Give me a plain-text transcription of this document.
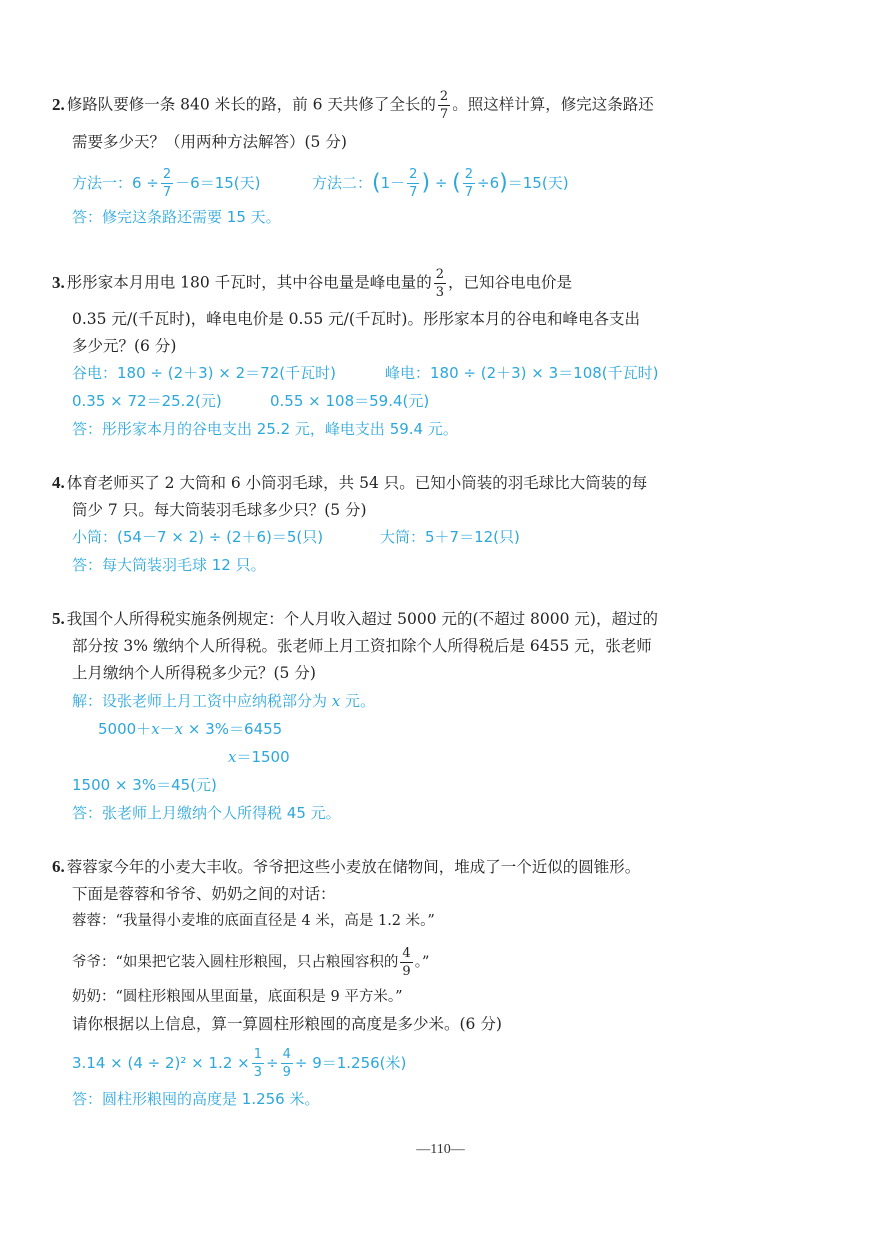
2. 修路队要修一条 840 米长的路，前 6 天共修了全长的 $\frac{2}{7}$ 。照这样计算，修完这条路还
需要多少天？（用两种方法解答）(5 分)
方法一：$6 \div \frac{2}{7} -6=15$(天)	方法二：($1- \frac{2}{7}$ ) ÷ ( $\frac{2}{7} \div 6)=15$(天)
答：修完这条路还需要 15 天。
3. 彤彤家本月用电 180 千瓦时，其中谷电量是峰电量的 $\frac{2}{3}$ ，已知谷电电价是
0.35 元/(千瓦时)，峰电电价是 0.55 元/(千瓦时)。彤彤家本月的谷电和峰电各支出
多少元？(6 分)
谷电：180 ÷ (2＋3) × 2＝72(千瓦时)	峰电：180 ÷ (2＋3) × 3＝108(千瓦时)
0.35 × 72＝25.2(元)	0.55 × 108＝59.4(元)
答：彤彤家本月的谷电支出 25.2 元，峰电支出 59.4 元。
4. 体育老师买了 2 大筒和 6 小筒羽毛球，共 54 只。已知小筒装的羽毛球比大筒装的每
筒少 7 只。每大筒装羽毛球多少只？(5 分)
小筒：(54－7 × 2) ÷ (2＋6)＝5(只)	大筒：5＋7＝12(只)
答：每大筒装羽毛球 12 只。
5. 我国个人所得税实施条例规定：个人月收入超过 5000 元的(不超过 8000 元)，超过的
部分按 3% 缴纳个人所得税。张老师上月工资扣除个人所得税后是 6455 元，张老师
上月缴纳个人所得税多少元？(5 分)
解：设张老师上月工资中应纳税部分为 x 元。
5000＋x－x × 3%＝6455
x＝1500
1500 × 3%＝45(元)
答：张老师上月缴纳个人所得税 45 元。
6. 蓉蓉家今年的小麦大丰收。爷爷把这些小麦放在储物间，堆成了一个近似的圆锥形。
下面是蓉蓉和爷爷、奶奶之间的对话：
蓉蓉：“我量得小麦堆的底面直径是 4 米，高是 1.2 米。”
爷爷：“如果把它装入圆柱形粮囤，只占粮囤容积的 $\frac{4}{9}$ 。”
奶奶：“圆柱形粮囤从里面量，底面积是 9 平方米。”
请你根据以上信息，算一算圆柱形粮囤的高度是多少米。(6 分)
$3.14 \times (4 \div 2)^2 \times 1.2 \times \frac{1}{3} \div \frac{4}{9} \div 9=1.256$(米)
答：圆柱形粮囤的高度是 1.256 米。
—110—
